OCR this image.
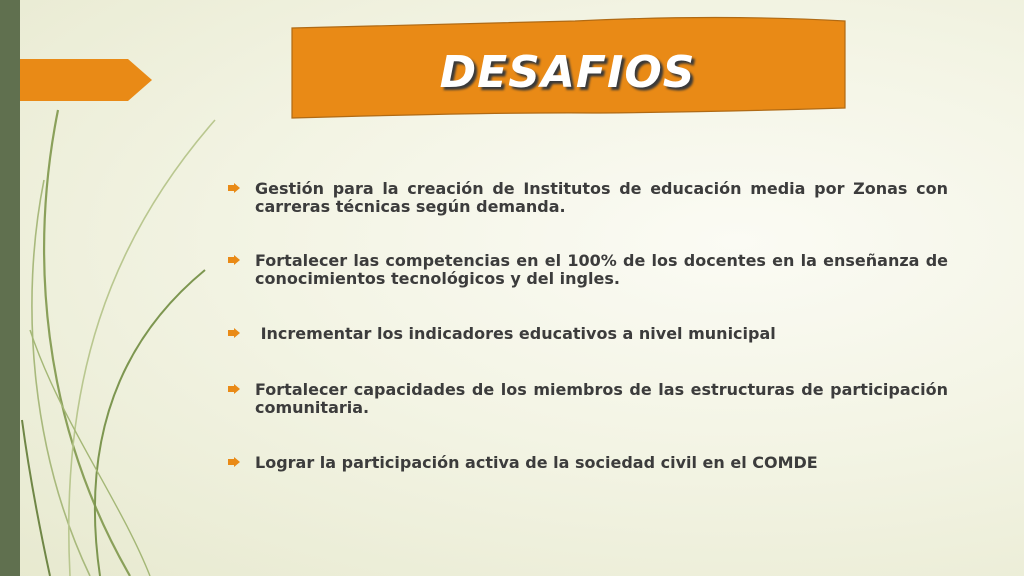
DESAFIOS
Gestión para la creación de Institutos de educación media por Zonas con carreras técnicas según demanda.
Fortalecer las competencias en el 100% de los docentes en la enseñanza de conocimientos tecnológicos y del ingles.
Incrementar los indicadores educativos a nivel municipal
Fortalecer capacidades de los miembros de las estructuras de participación comunitaria.
Lograr la participación activa de la sociedad civil en el COMDE
